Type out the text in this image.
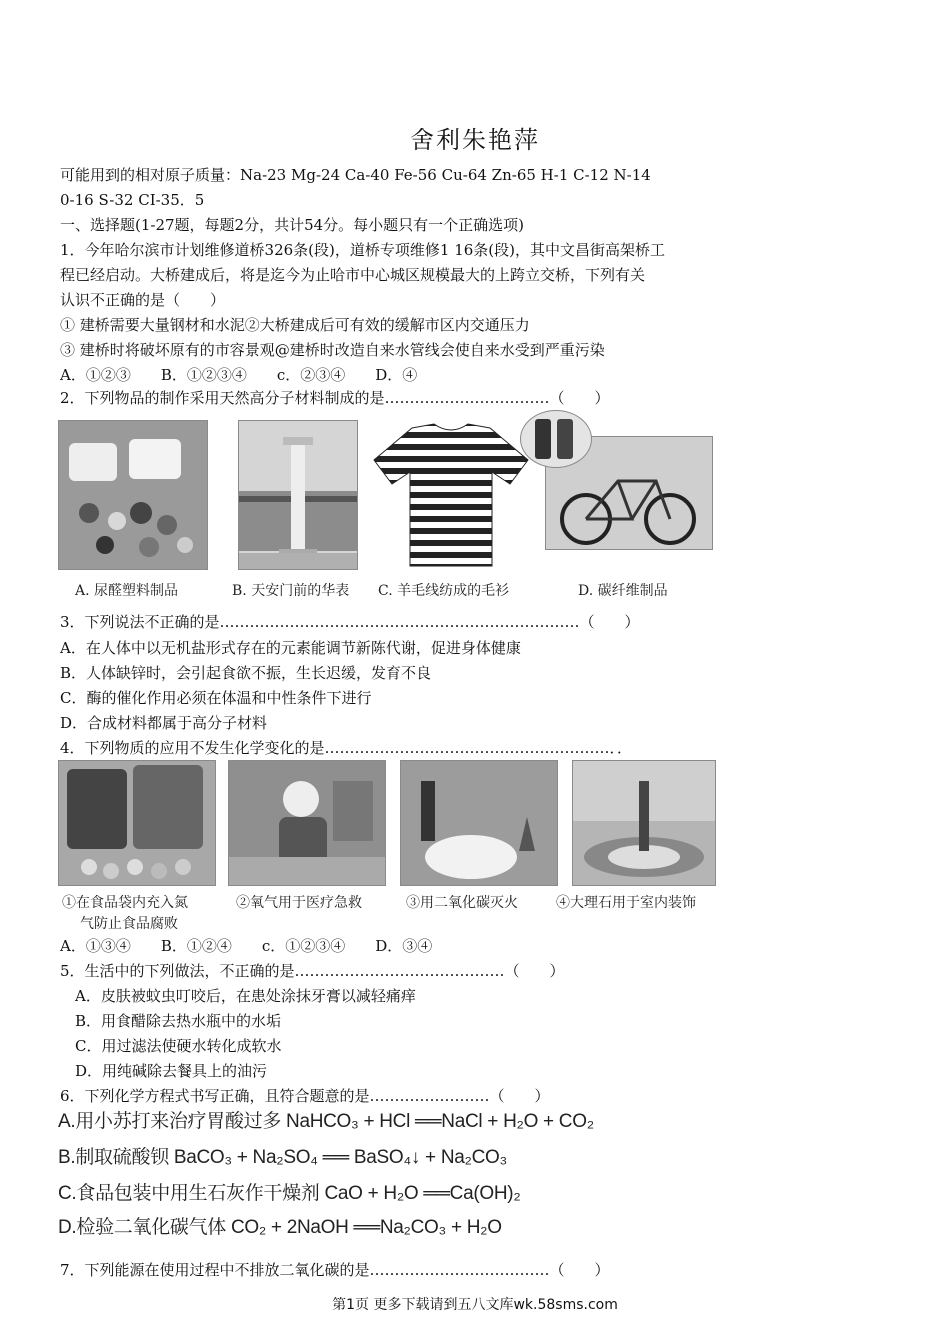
舍利朱艳萍
可能用到的相对原子质量：Na-23 Mg-24 Ca-40 Fe-56 Cu-64 Zn-65 H-1 C-12 N-14
0-16 S-32 CI-35．5
一、选择题(1-27题，每题2分，共计54分。每小题只有一个正确选项)
1．今年哈尔滨市计划维修道桥326条(段)，道桥专项维修1 16条(段)，其中文昌街高架桥工
程已经启动。大桥建成后，将是迄今为止哈市中心城区规模最大的上跨立交桥，下列有关
认识不正确的是（　　）
① 建桥需要大量钢材和水泥②大桥建成后可有效的缓解市区内交通压力
③ 建桥时将破坏原有的市容景观@建桥时改造自来水管线会使自来水受到严重污染
A．①②③　　B．①②③④　　c．②③④　　D．④
2．下列物品的制作采用天然高分子材料制成的是……………………………（　　）
A. 尿醛塑料制品	B. 天安门前的华表 C. 羊毛线纺成的毛衫	D. 碳纤维制品
3．下列说法不正确的是………………………………………………………………（　　）
A．在人体中以无机盐形式存在的元素能调节新陈代谢，促进身体健康
B．人体缺锌时，会引起食欲不振，生长迟缓，发育不良
C．酶的催化作用必须在体温和中性条件下进行
D．合成材料都属于高分子材料
4．下列物质的应用不发生化学变化的是…………………………………………………．．
①在食品袋内充入氮
气防止食品腐败
②氧气用于医疗急救	③用二氧化碳灭火	④大理石用于室内装饰
A．①③④　　B．①②④　　c．①②③④　　D．③④
5．生活中的下列做法，不正确的是……………………………………（　　）
A．皮肤被蚊虫叮咬后，在患处涂抹牙膏以减轻痛痒
B．用食醋除去热水瓶中的水垢
C．用过滤法使硬水转化成软水
D．用纯碱除去餐具上的油污
6．下列化学方程式书写正确，且符合题意的是……………………（　　）
A.用小苏打来治疗胃酸过多 NaHCO₃ + HCl ══NaCl + H₂O + CO₂
B.制取硫酸钡 BaCO₃ + Na₂SO₄ ══ BaSO₄↓ + Na₂CO₃
C.食品包装中用生石灰作干燥剂 CaO + H₂O ══Ca(OH)₂
D.检验二氧化碳气体 CO₂ + 2NaOH ══Na₂CO₃ + H₂O
7．下列能源在使用过程中不排放二氧化碳的是………………………………（　　）
第1页 更多下载请到五八文库wk.58sms.com
